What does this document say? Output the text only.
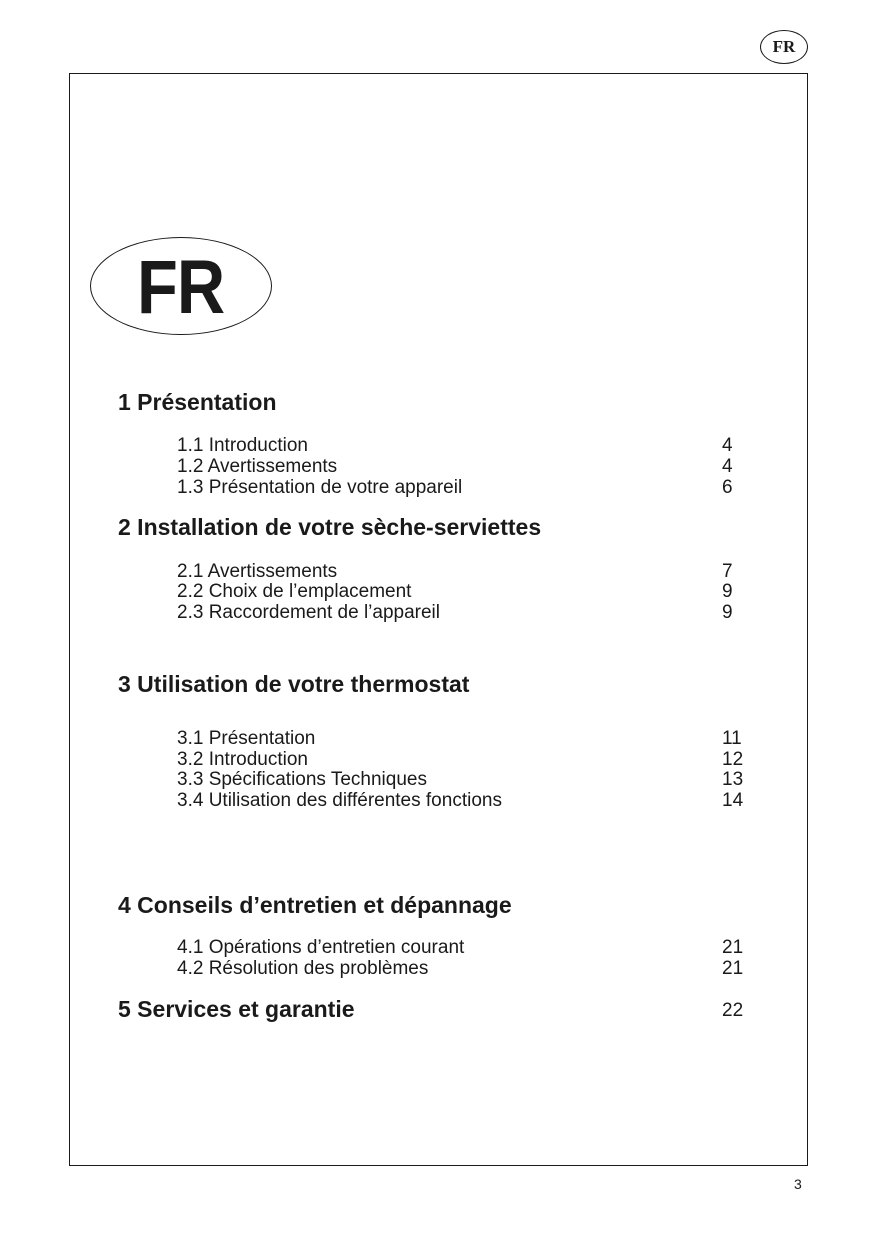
FR
FR
1 Présentation
1.1 Introduction	4
1.2 Avertissements	4
1.3 Présentation de votre appareil	6
2 Installation de votre sèche-serviettes
2.1 Avertissements	7
2.2 Choix de l’emplacement	9
2.3 Raccordement de l’appareil	9
3 Utilisation de votre thermostat
3.1 Présentation	11
3.2 Introduction	12
3.3 Spécifications Techniques	13
3.4 Utilisation des différentes fonctions	14
4 Conseils d’entretien et dépannage
4.1 Opérations d’entretien courant	21
4.2 Résolution des problèmes	21
5 Services et garantie	22
3
